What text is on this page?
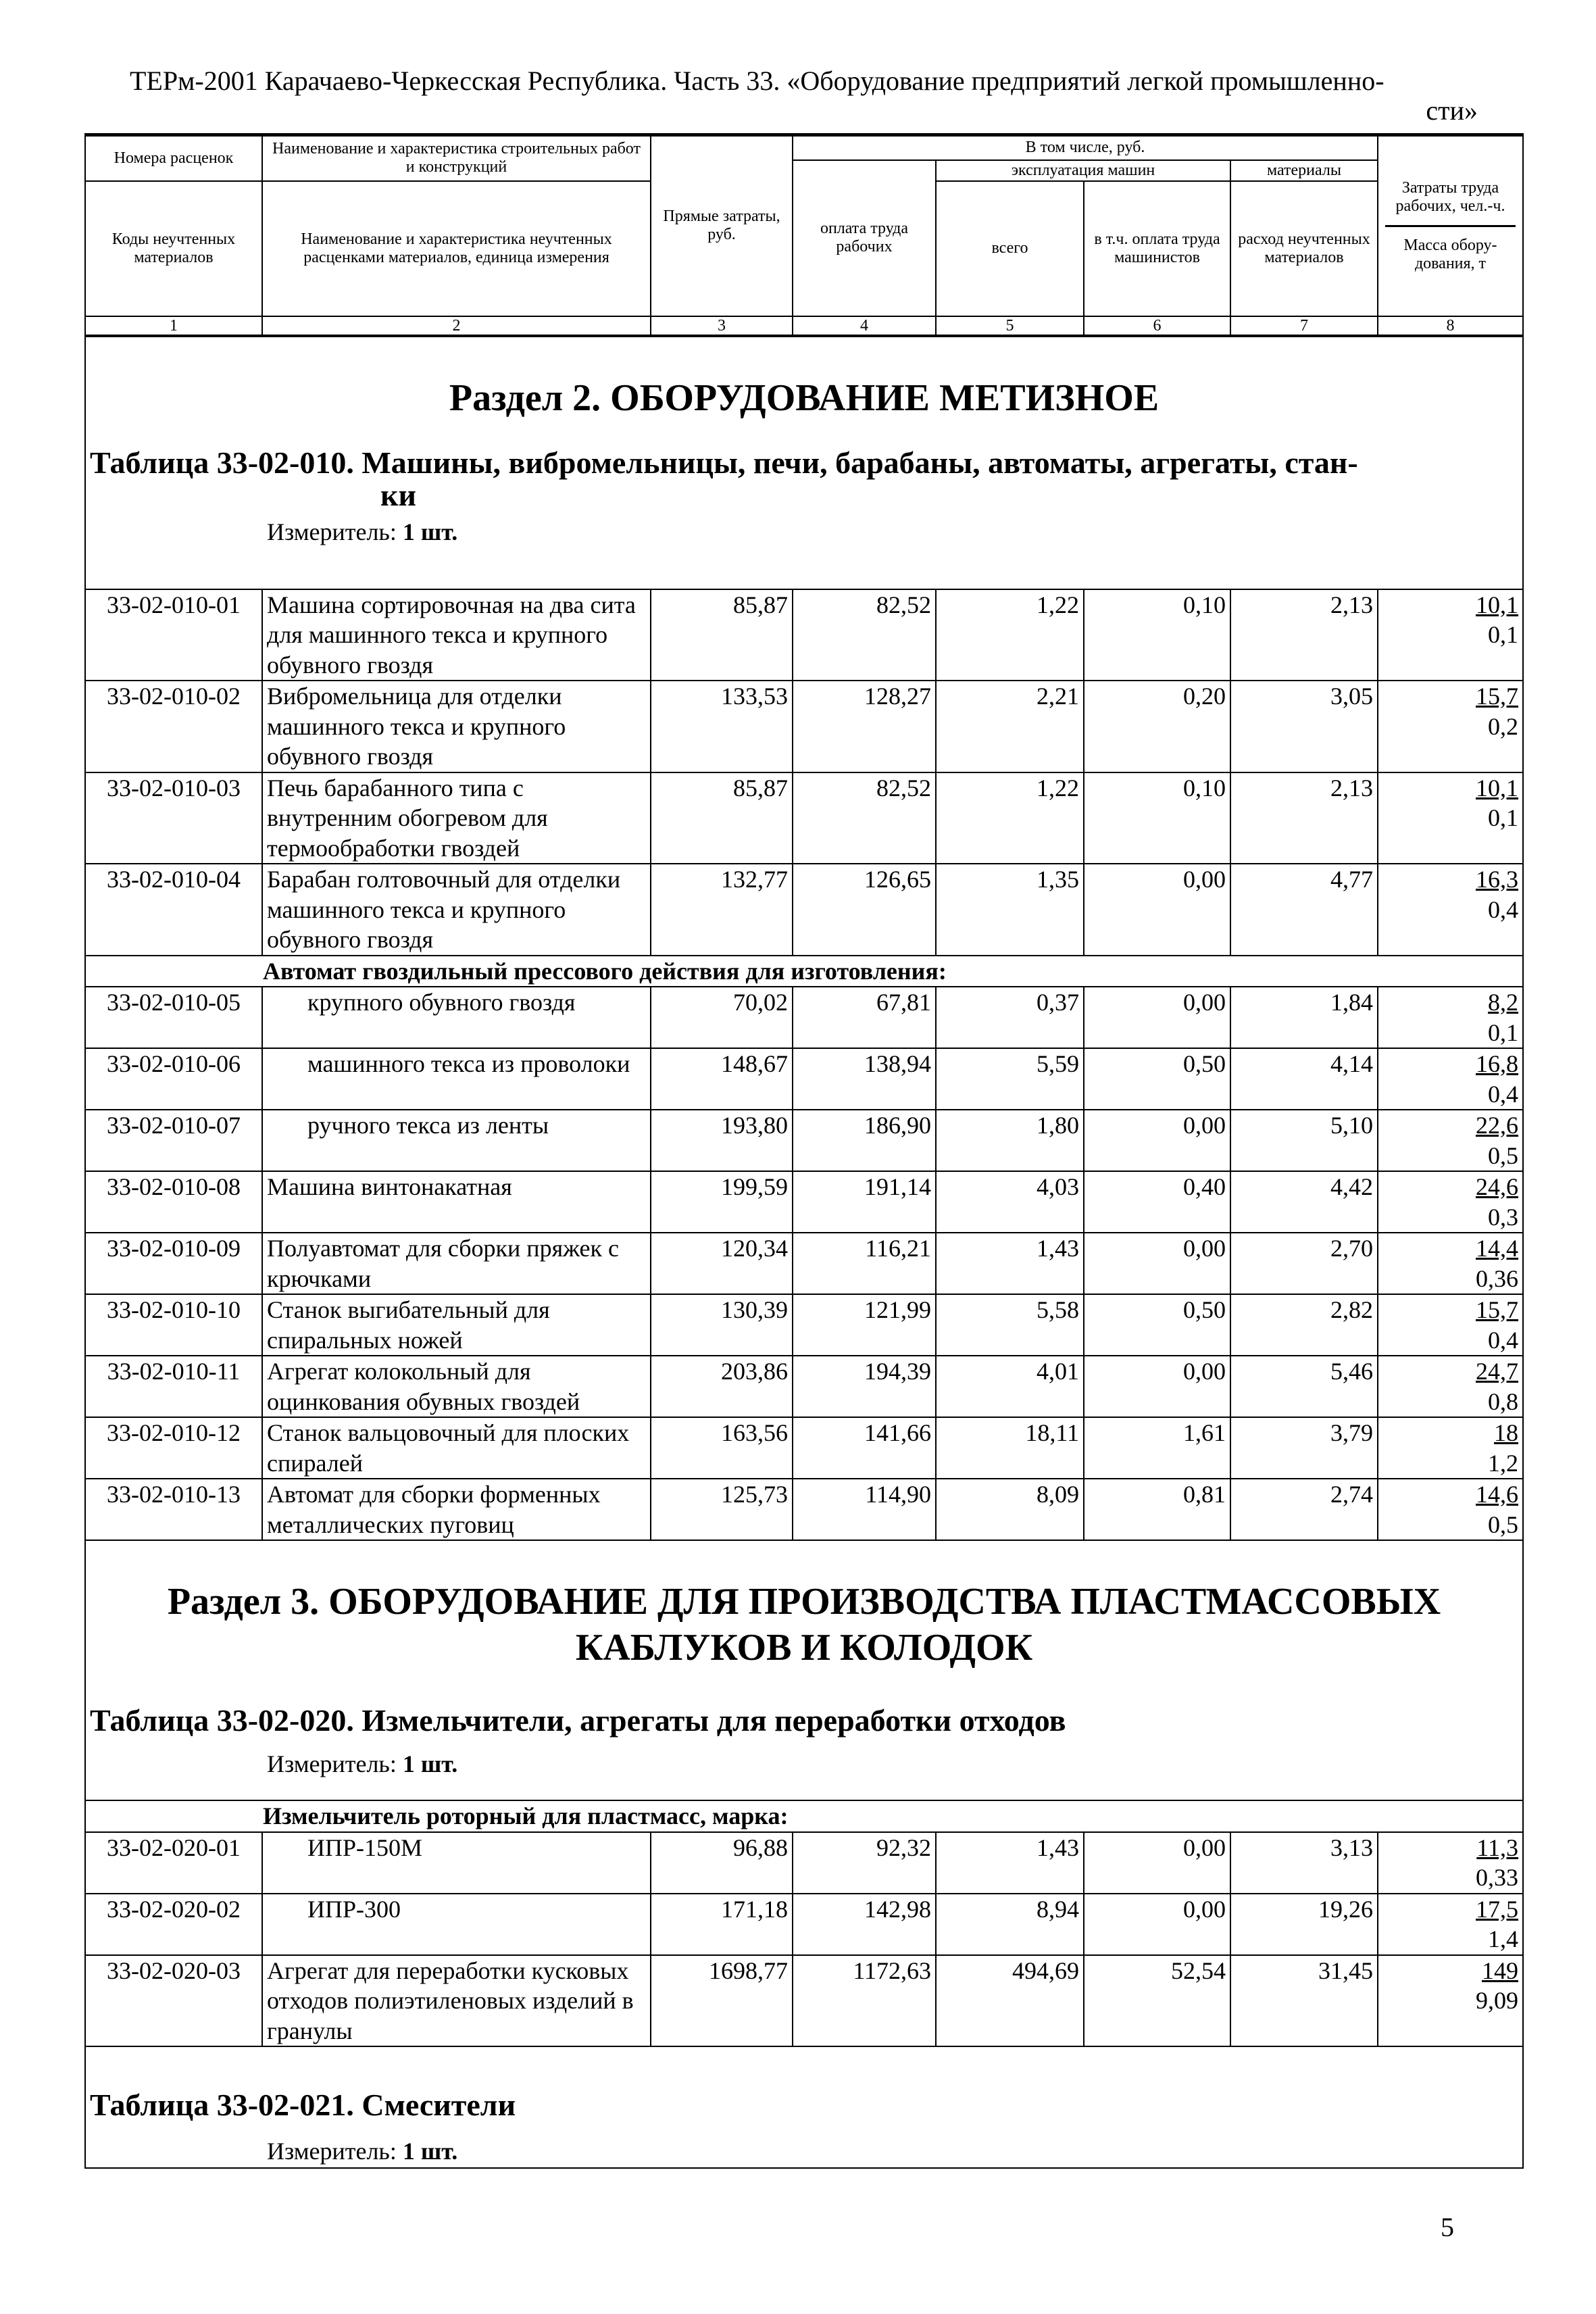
ТЕРм-2001 Карачаево-Черкесская Республика. Часть 33. «Оборудование предприятий легкой промышленно-
сти»
Номера расценок	Наименование и характеристика строительных работ и конструкций	Прямые затраты, руб.	В том числе, руб.				Затраты труда рабочих, чел.-ч.
Масса обору-дования, т

			оплата труда рабочих	эксплуатация машин		материалы	
Коды неучтенных материалов	Наименование и характеристика неучтенных расценками материалов, единица измерения			всего	в т.ч. оплата труда машинистов	расход неучтенных материалов	
1	2	3	4	5	6	7	8

Раздел 2. ОБОРУДОВАНИЕ МЕТИЗНОЕ
Таблица 33-02-010. Машины, вибромельницы, печи, барабаны, автоматы, агрегаты, стан-
ки
Измеритель: 1 шт.							

33-02-010-01	Машина сортировочная на два сита для машинного текса и крупного обувного гвоздя	85,87	82,52	1,22	0,10	2,13	10,1
0,1

33-02-010-02	Вибромельница для отделки машинного текса и крупного обувного гвоздя	133,53	128,27	2,21	0,20	3,05	15,7
0,2

33-02-010-03	Печь барабанного типа с внутренним обогревом для термообработки гвоздей	85,87	82,52	1,22	0,10	2,13	10,1
0,1

33-02-010-04	Барабан голтовочный для отделки машинного текса и крупного обувного гвоздя	132,77	126,65	1,35	0,00	4,77	16,3
0,4

Автомат гвоздильный прессового действия для изготовления:							
33-02-010-05	крупного обувного гвоздя	70,02	67,81	0,37	0,00	1,84	8,2
0,1

33-02-010-06	машинного текса из проволоки	148,67	138,94	5,59	0,50	4,14	16,8
0,4

33-02-010-07	ручного текса из ленты	193,80	186,90	1,80	0,00	5,10	22,6
0,5

33-02-010-08	Машина винтонакатная	199,59	191,14	4,03	0,40	4,42	24,6
0,3

33-02-010-09	Полуавтомат для сборки пряжек с крючками	120,34	116,21	1,43	0,00	2,70	14,4
0,36

33-02-010-10	Станок выгибательный для спиральных ножей	130,39	121,99	5,58	0,50	2,82	15,7
0,4

33-02-010-11	Агрегат колокольный для оцинкования обувных гвоздей	203,86	194,39	4,01	0,00	5,46	24,7
0,8

33-02-010-12	Станок вальцовочный для плоских спиралей	163,56	141,66	18,11	1,61	3,79	18
1,2

33-02-010-13	Автомат для сборки форменных металлических пуговиц	125,73	114,90	8,09	0,81	2,74	14,6
0,5

Раздел 3. ОБОРУДОВАНИЕ ДЛЯ ПРОИЗВОДСТВА ПЛАСТМАССОВЫХ
КАБЛУКОВ И КОЛОДОК
Таблица 33-02-020. Измельчители, агрегаты для переработки отходов
Измеритель: 1 шт.							

Измельчитель роторный для пластмасс, марка:							
33-02-020-01	ИПР-150М	96,88	92,32	1,43	0,00	3,13	11,3
0,33

33-02-020-02	ИПР-300	171,18	142,98	8,94	0,00	19,26	17,5
1,4

33-02-020-03	Агрегат для переработки кусковых отходов полиэтиленовых изделий в гранулы	1698,77	1172,63	494,69	52,54	31,45	149
9,09

Таблица 33-02-021. Смесители
Измеритель: 1 шт.							
5
